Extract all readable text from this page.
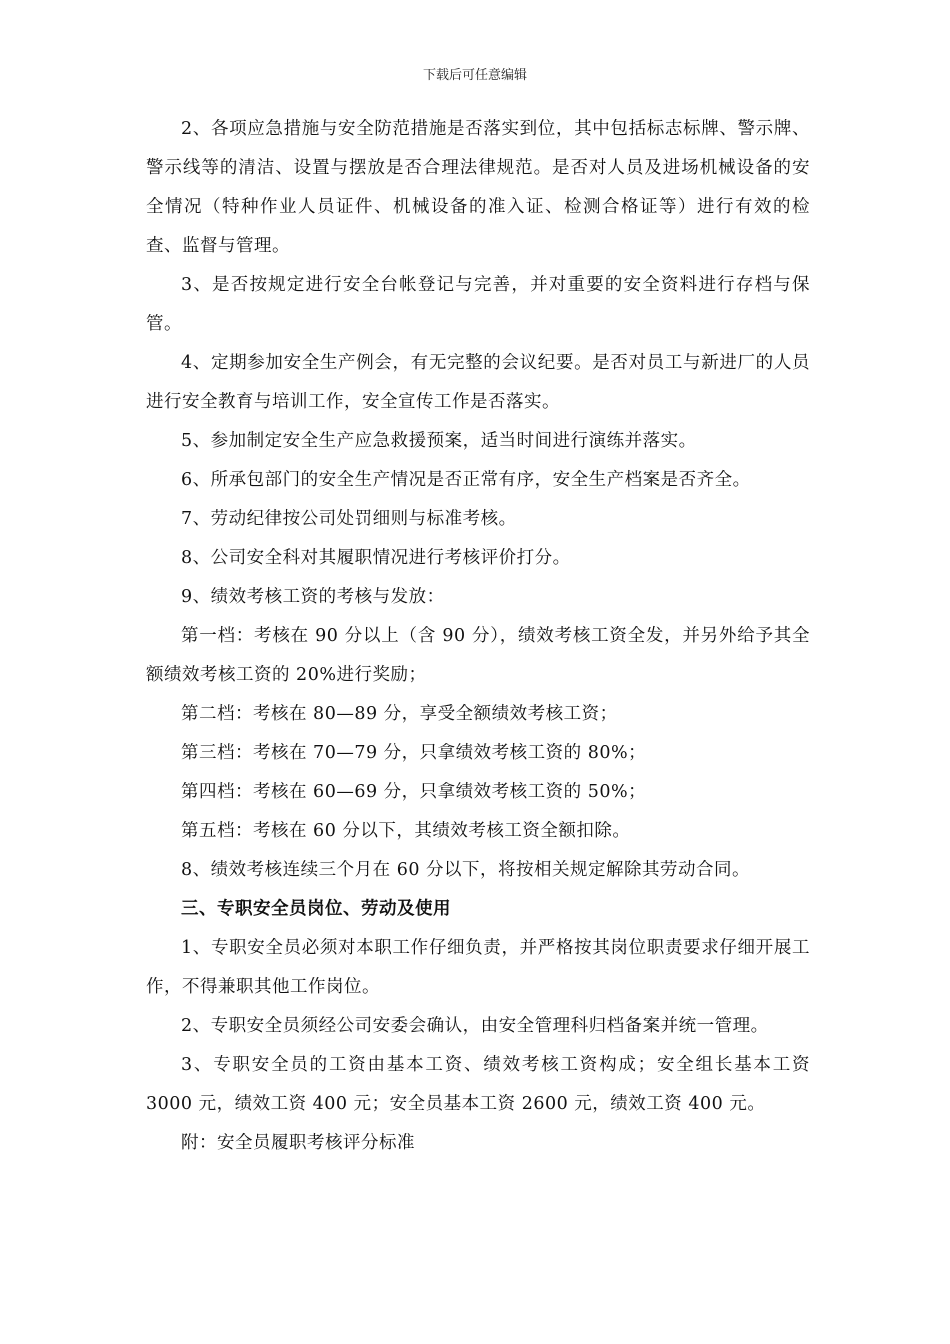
下载后可任意编辑

2、各项应急措施与安全防范措施是否落实到位，其中包括标志标牌、警示牌、警示线等的清洁、设置与摆放是否合理法律规范。是否对人员及进场机械设备的安全情况（特种作业人员证件、机械设备的准入证、检测合格证等）进行有效的检查、监督与管理。

3、是否按规定进行安全台帐登记与完善，并对重要的安全资料进行存档与保管。

4、定期参加安全生产例会，有无完整的会议纪要。是否对员工与新进厂的人员进行安全教育与培训工作，安全宣传工作是否落实。

5、参加制定安全生产应急救援预案，适当时间进行演练并落实。

6、所承包部门的安全生产情况是否正常有序，安全生产档案是否齐全。

7、劳动纪律按公司处罚细则与标准考核。

8、公司安全科对其履职情况进行考核评价打分。

9、绩效考核工资的考核与发放：

第一档：考核在 90 分以上（含 90 分），绩效考核工资全发，并另外给予其全额绩效考核工资的 20%进行奖励；

第二档：考核在 80—89 分，享受全额绩效考核工资；

第三档：考核在 70—79 分，只拿绩效考核工资的 80%；

第四档：考核在 60—69 分，只拿绩效考核工资的 50%；

第五档：考核在 60 分以下，其绩效考核工资全额扣除。

8、绩效考核连续三个月在 60 分以下，将按相关规定解除其劳动合同。

三、专职安全员岗位、劳动及使用

1、专职安全员必须对本职工作仔细负责，并严格按其岗位职责要求仔细开展工作，不得兼职其他工作岗位。

2、专职安全员须经公司安委会确认，由安全管理科归档备案并统一管理。

3、专职安全员的工资由基本工资、绩效考核工资构成；安全组长基本工资 3000 元，绩效工资 400 元；安全员基本工资 2600 元，绩效工资 400 元。

附：安全员履职考核评分标准
